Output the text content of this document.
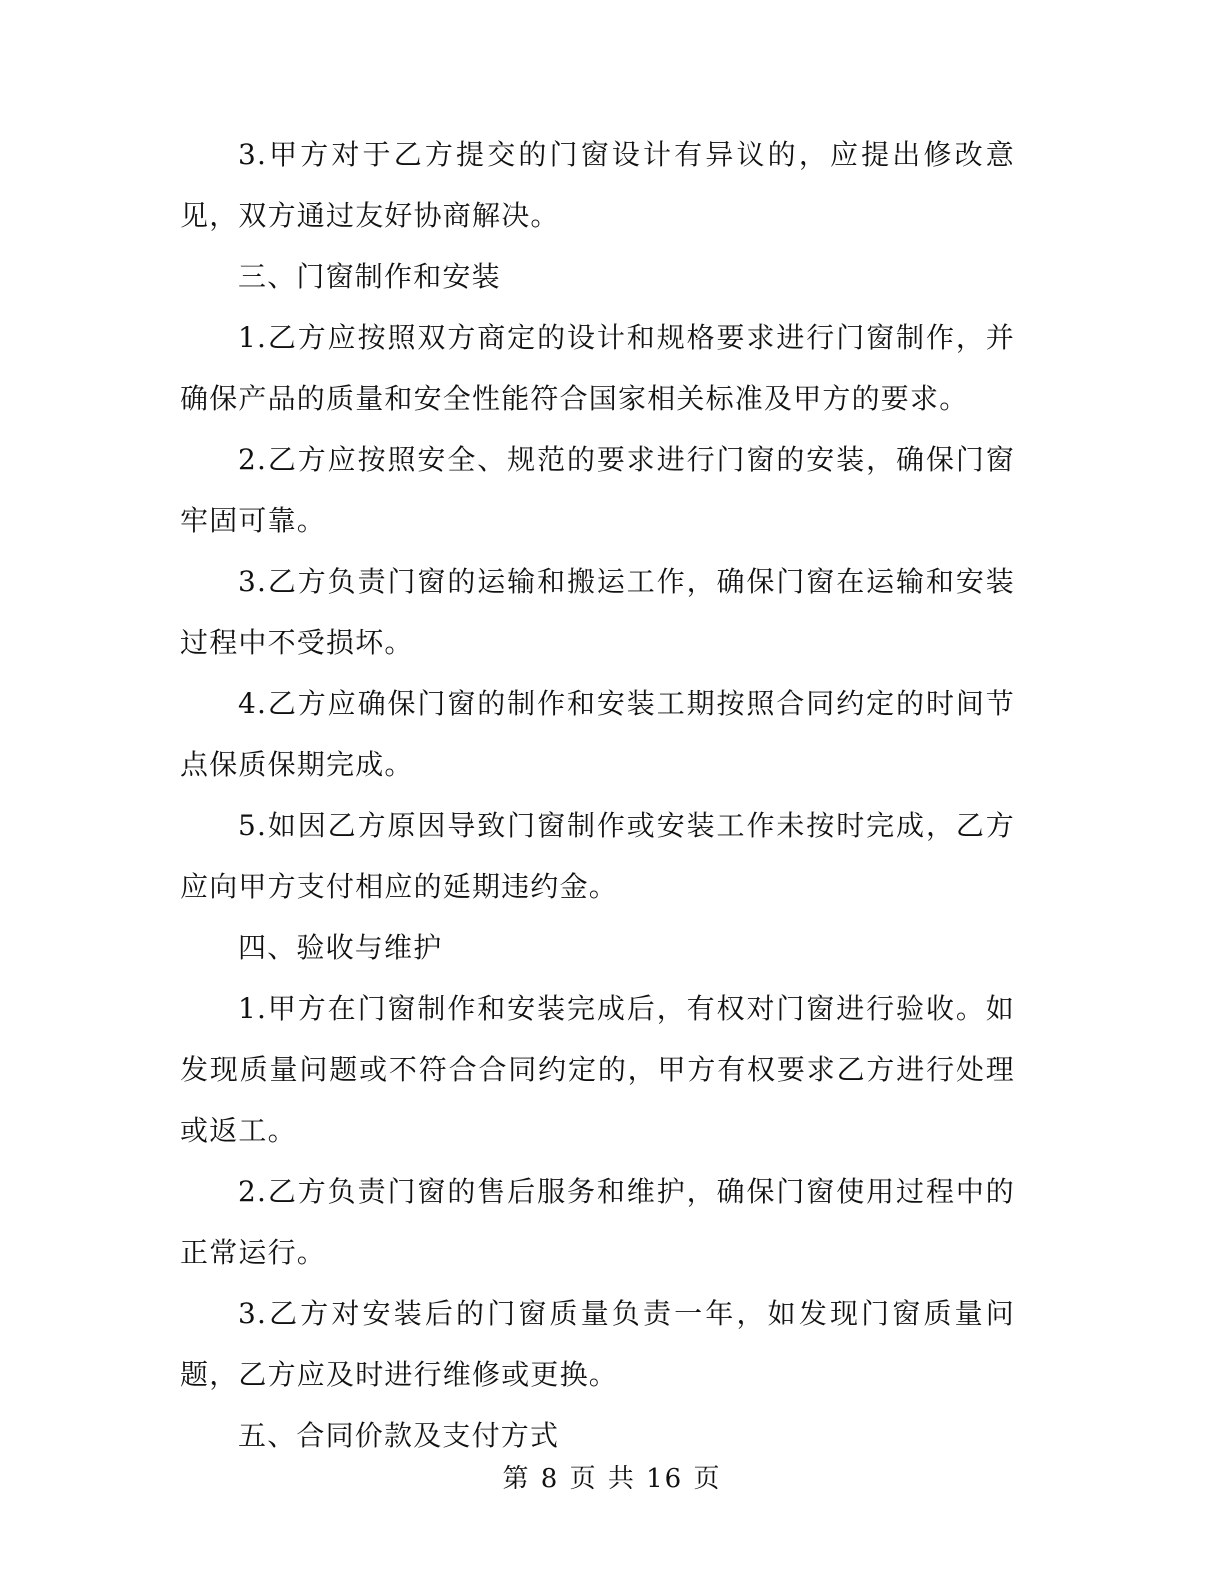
3.甲方对于乙方提交的门窗设计有异议的，应提出修改意见，双方通过友好协商解决。

三、门窗制作和安装

1.乙方应按照双方商定的设计和规格要求进行门窗制作，并确保产品的质量和安全性能符合国家相关标准及甲方的要求。

2.乙方应按照安全、规范的要求进行门窗的安装，确保门窗牢固可靠。

3.乙方负责门窗的运输和搬运工作，确保门窗在运输和安装过程中不受损坏。

4.乙方应确保门窗的制作和安装工期按照合同约定的时间节点保质保期完成。

5.如因乙方原因导致门窗制作或安装工作未按时完成，乙方应向甲方支付相应的延期违约金。

四、验收与维护

1.甲方在门窗制作和安装完成后，有权对门窗进行验收。如发现质量问题或不符合合同约定的，甲方有权要求乙方进行处理或返工。

2.乙方负责门窗的售后服务和维护，确保门窗使用过程中的正常运行。

3.乙方对安装后的门窗质量负责一年，如发现门窗质量问题，乙方应及时进行维修或更换。

五、合同价款及支付方式

第 8 页 共 16 页
